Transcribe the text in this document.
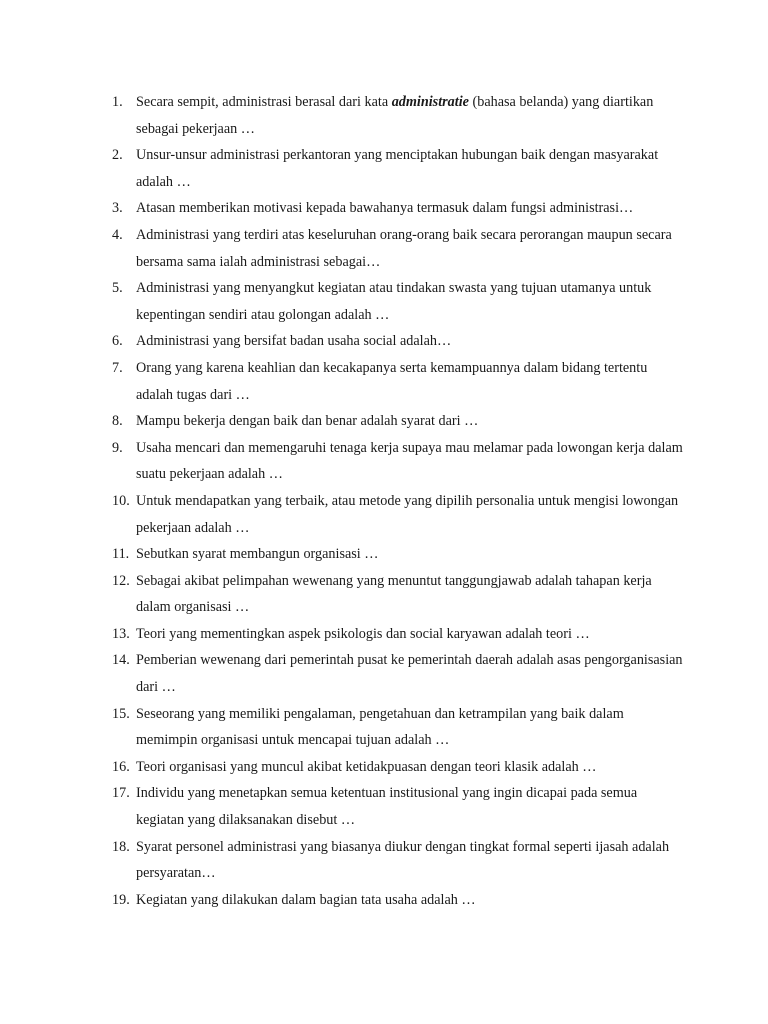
1. Secara sempit, administrasi berasal dari kata administratie (bahasa belanda) yang diartikan sebagai pekerjaan …
2. Unsur-unsur administrasi perkantoran yang menciptakan hubungan baik dengan masyarakat adalah …
3. Atasan memberikan motivasi kepada bawahanya termasuk dalam fungsi administrasi…
4. Administrasi yang terdiri atas keseluruhan orang-orang baik secara perorangan maupun secara bersama sama ialah administrasi sebagai…
5. Administrasi yang menyangkut kegiatan atau tindakan swasta yang tujuan utamanya untuk kepentingan sendiri atau golongan adalah …
6. Administrasi yang bersifat badan usaha social adalah…
7. Orang yang karena keahlian dan kecakapanya serta kemampuannya dalam bidang tertentu adalah tugas dari …
8. Mampu bekerja dengan baik dan benar adalah syarat dari …
9. Usaha mencari dan memengaruhi tenaga kerja supaya mau melamar pada lowongan kerja dalam suatu pekerjaan adalah …
10. Untuk mendapatkan yang terbaik, atau metode yang dipilih personalia untuk mengisi lowongan pekerjaan adalah …
11. Sebutkan syarat membangun organisasi …
12. Sebagai akibat pelimpahan wewenang yang menuntut tanggungjawab adalah tahapan kerja dalam organisasi …
13. Teori yang mementingkan aspek psikologis dan social karyawan adalah teori …
14. Pemberian wewenang dari pemerintah pusat ke pemerintah daerah adalah asas pengorganisasian dari …
15. Seseorang yang memiliki pengalaman, pengetahuan dan ketrampilan yang baik dalam memimpin organisasi untuk mencapai tujuan adalah …
16. Teori organisasi yang muncul akibat ketidakpuasan dengan teori klasik adalah …
17. Individu yang menetapkan semua ketentuan institusional yang ingin dicapai pada semua kegiatan yang dilaksanakan disebut …
18. Syarat personel administrasi yang biasanya diukur dengan tingkat formal seperti ijasah adalah persyaratan…
19. Kegiatan yang dilakukan dalam bagian tata usaha adalah …
